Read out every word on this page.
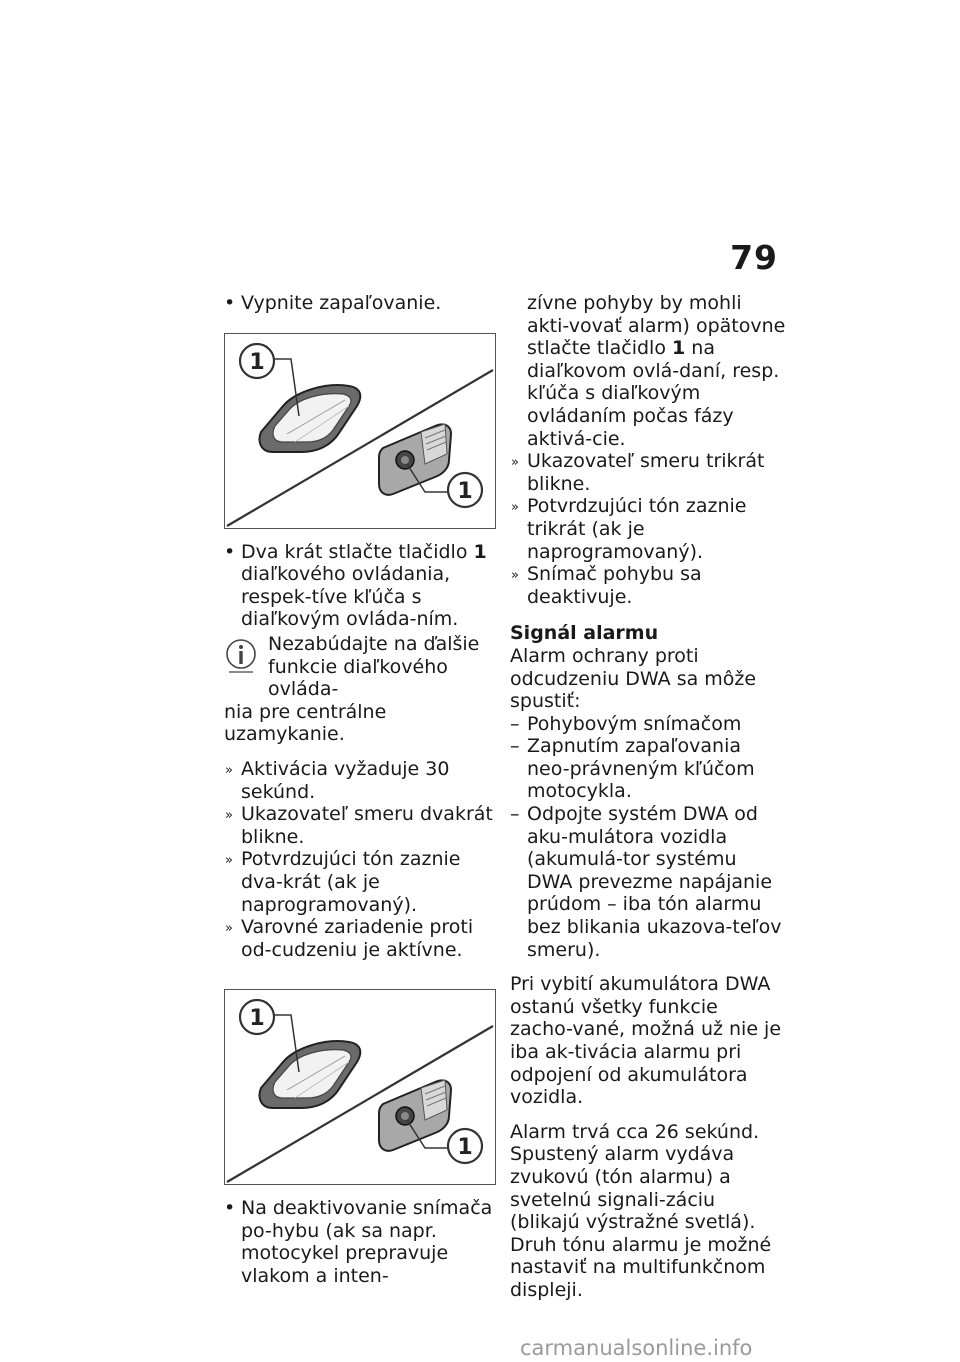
79

• Vypnite zapaľovanie.

1
1

• Dva krát stlačte tlačidlo 1 diaľkového ovládania, respek-tíve kľúča s diaľkovým ovláda-ním.

Nezabúdajte na ďalšie

funkcie diaľkového ovláda-

nia pre centrálne uzamykanie.

» Aktivácia vyžaduje 30 sekúnd.

» Ukazovateľ smeru dvakrát blikne.

» Potvrdzujúci tón zaznie dva-krát (ak je naprogramovaný).

» Varovné zariadenie proti od-cudzeniu je aktívne.

1
1

• Na deaktivovanie snímača po-hybu (ak sa napr. motocykel prepravuje vlakom a inten-

zívne pohyby by mohli akti-vovať alarm) opätovne stlačte tlačidlo 1 na diaľkovom ovlá-daní, resp. kľúča s diaľkovým ovládaním počas fázy aktivá-cie.

» Ukazovateľ smeru trikrát blikne.

» Potvrdzujúci tón zaznie trikrát (ak je naprogramovaný).

» Snímač pohybu sa deaktivuje.

Signál alarmu

Alarm ochrany proti odcudzeniu DWA sa môže spustiť:

– Pohybovým snímačom

– Zapnutím zapaľovania neo-právneným kľúčom motocykla.

– Odpojte systém DWA od aku-mulátora vozidla (akumulá-tor systému DWA prevezme napájanie prúdom – iba tón alarmu bez blikania ukazova-teľov smeru).

Pri vybití akumulátora DWA ostanú všetky funkcie zacho-vané, možná už nie je iba ak-tivácia alarmu pri odpojení od akumulátora vozidla.

Alarm trvá cca 26 sekúnd. Spustený alarm vydáva zvukovú (tón alarmu) a svetelnú signali-záciu (blikajú výstražné svetlá). Druh tónu alarmu je možné nastaviť na multifunkčnom displeji.

carmanualsonline.info
